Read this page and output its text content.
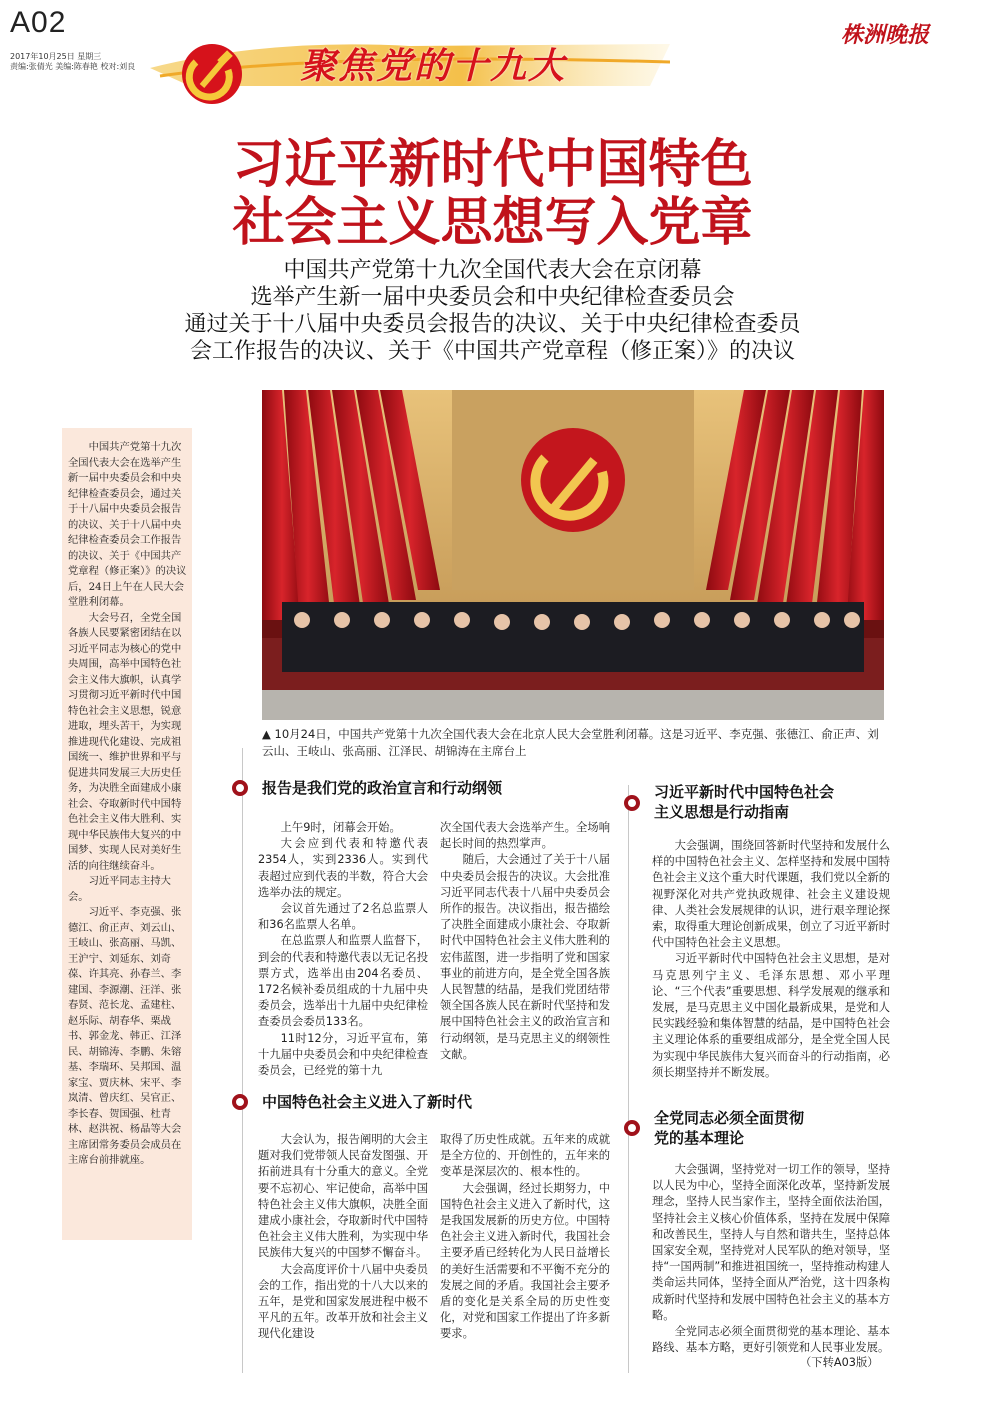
A02
2017年10月25日 星期三
责编:张倩光 美编:陈春艳 校对:刘良	聚焦党的十九大
株洲晚报
习近平新时代中国特色
社会主义思想写入党章
中国共产党第十九次全国代表大会在京闭幕
选举产生新一届中央委员会和中央纪律检查委员会
通过关于十八届中央委员会报告的决议、关于中央纪律检查委员
会工作报告的决议、关于《中国共产党章程（修正案）》的决议
▲ 10月24日，中国共产党第十九次全国代表大会在北京人民大会堂胜利闭幕。这是习近平、李克强、张德江、俞正声、刘云山、王岐山、张高丽、江泽民、胡锦涛在主席台上

中国共产党第十九次全国代表大会在选举产生新一届中央委员会和中央纪律检查委员会，通过关于十八届中央委员会报告的决议、关于十八届中央纪律检查委员会工作报告的决议、关于《中国共产党章程（修正案）》的决议后，24日上午在人民大会堂胜利闭幕。

大会号召，全党全国各族人民要紧密团结在以习近平同志为核心的党中央周围，高举中国特色社会主义伟大旗帜，认真学习贯彻习近平新时代中国特色社会主义思想，锐意进取，埋头苦干，为实现推进现代化建设、完成祖国统一、维护世界和平与促进共同发展三大历史任务，为决胜全面建成小康社会、夺取新时代中国特色社会主义伟大胜利、实现中华民族伟大复兴的中国梦、实现人民对美好生活的向往继续奋斗。

习近平同志主持大会。

习近平、李克强、张德江、俞正声、刘云山、王岐山、张高丽、马凯、王沪宁、刘延东、刘奇葆、许其亮、孙春兰、李建国、李源潮、汪洋、张春贤、范长龙、孟建柱、赵乐际、胡春华、栗战书、郭金龙、韩正、江泽民、胡锦涛、李鹏、朱镕基、李瑞环、吴邦国、温家宝、贾庆林、宋平、李岚清、曾庆红、吴官正、李长春、贺国强、杜青林、赵洪祝、杨晶等大会主席团常务委员会成员在主席台前排就座。

报告是我们党的政治宣言和行动纲领

上午9时，闭幕会开始。

大会应到代表和特邀代表2354人，实到2336人。实到代表超过应到代表的半数，符合大会选举办法的规定。

会议首先通过了2名总监票人和36名监票人名单。

在总监票人和监票人监督下，到会的代表和特邀代表以无记名投票方式，选举出由204名委员、172名候补委员组成的十九届中央委员会，选举出十九届中央纪律检查委员会委员133名。

11时12分，习近平宣布，第十九届中央委员会和中央纪律检查委员会，已经党的第十九

次全国代表大会选举产生。全场响起长时间的热烈掌声。

随后，大会通过了关于十八届中央委员会报告的决议。大会批准习近平同志代表十八届中央委员会所作的报告。决议指出，报告描绘了决胜全面建成小康社会、夺取新时代中国特色社会主义伟大胜利的宏伟蓝图，进一步指明了党和国家事业的前进方向，是全党全国各族人民智慧的结晶，是我们党团结带领全国各族人民在新时代坚持和发展中国特色社会主义的政治宣言和行动纲领，是马克思主义的纲领性文献。

中国特色社会主义进入了新时代

大会认为，报告阐明的大会主题对我们党带领人民奋发图强、开拓前进具有十分重大的意义。全党要不忘初心、牢记使命，高举中国特色社会主义伟大旗帜，决胜全面建成小康社会，夺取新时代中国特色社会主义伟大胜利，为实现中华民族伟大复兴的中国梦不懈奋斗。

大会高度评价十八届中央委员会的工作，指出党的十八大以来的五年，是党和国家发展进程中极不平凡的五年。改革开放和社会主义现代化建设

取得了历史性成就。五年来的成就是全方位的、开创性的，五年来的变革是深层次的、根本性的。

大会强调，经过长期努力，中国特色社会主义进入了新时代，这是我国发展新的历史方位。中国特色社会主义进入新时代，我国社会主要矛盾已经转化为人民日益增长的美好生活需要和不平衡不充分的发展之间的矛盾。我国社会主要矛盾的变化是关系全局的历史性变化，对党和国家工作提出了许多新要求。

习近平新时代中国特色社会
主义思想是行动指南

大会强调，围绕回答新时代坚持和发展什么样的中国特色社会主义、怎样坚持和发展中国特色社会主义这个重大时代课题，我们党以全新的视野深化对共产党执政规律、社会主义建设规律、人类社会发展规律的认识，进行艰辛理论探索，取得重大理论创新成果，创立了习近平新时代中国特色社会主义思想。

习近平新时代中国特色社会主义思想，是对马克思列宁主义、毛泽东思想、邓小平理论、“三个代表”重要思想、科学发展观的继承和发展，是马克思主义中国化最新成果，是党和人民实践经验和集体智慧的结晶，是中国特色社会主义理论体系的重要组成部分，是全党全国人民为实现中华民族伟大复兴而奋斗的行动指南，必须长期坚持并不断发展。

全党同志必须全面贯彻
党的基本理论

大会强调，坚持党对一切工作的领导，坚持以人民为中心，坚持全面深化改革，坚持新发展理念，坚持人民当家作主，坚持全面依法治国，坚持社会主义核心价值体系，坚持在发展中保障和改善民生，坚持人与自然和谐共生，坚持总体国家安全观，坚持党对人民军队的绝对领导，坚持“一国两制”和推进祖国统一，坚持推动构建人类命运共同体，坚持全面从严治党，这十四条构成新时代坚持和发展中国特色社会主义的基本方略。

全党同志必须全面贯彻党的基本理论、基本路线、基本方略，更好引领党和人民事业发展。

（下转A03版）
